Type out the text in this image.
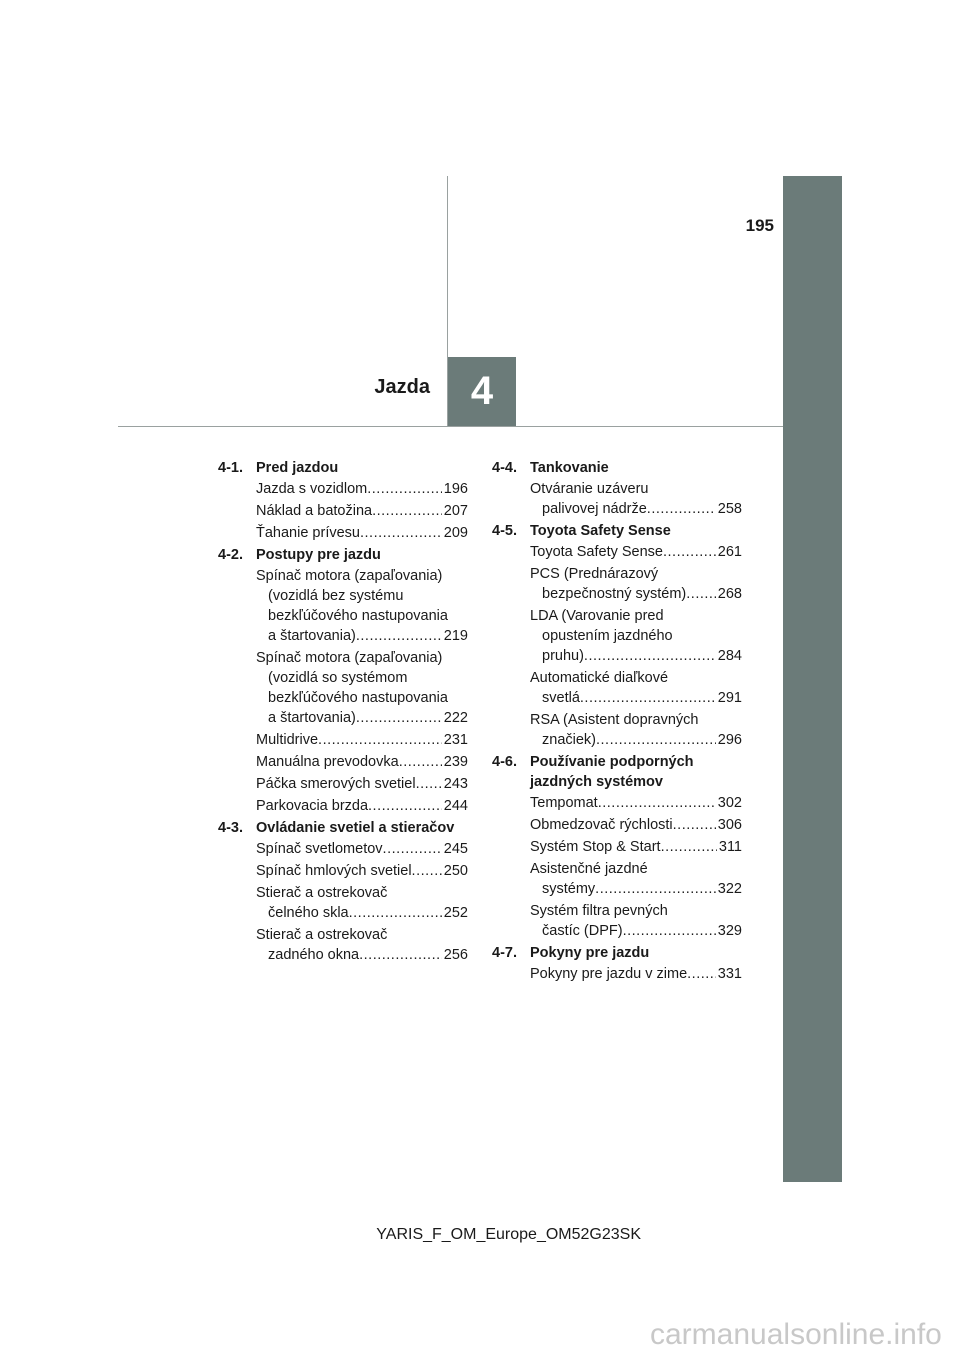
4
Jazda
195
4-1. Pred jazdou
Jazda s vozidlom .....	196
Náklad a batožina .....	207
Ťahanie prívesu .....	209
4-2. Postupy pre jazdu
Spínač motora (zapaľovania)
(vozidlá bez systému
bezkľúčového nastupovania
a štartovania) .....	219
Spínač motora (zapaľovania)
(vozidlá so systémom
bezkľúčového nastupovania
a štartovania) .....	222
Multidrive .....	231
Manuálna prevodovka .....	239
Páčka smerových svetiel ..... 243
Parkovacia brzda .....	244
4-3. Ovládanie svetiel a stieračov
Spínač svetlometov .....	245
Spínač hmlových svetiel ..... 250
Stierač a ostrekovač
čelného skla .....	252
Stierač a ostrekovač
zadného okna .....	256
4-4. Tankovanie
Otváranie uzáveru
palivovej nádrže .....	258
4-5. Toyota Safety Sense
Toyota Safety Sense .....	261
PCS (Prednárazový
bezpečnostný systém) ..... 268
LDA (Varovanie pred
opustením jazdného
pruhu) .....	284
Automatické diaľkové
svetlá .....	291
RSA (Asistent dopravných
značiek) .....	296
4-6. Používanie podporných jazdných systémov
Tempomat .....	302
Obmedzovač rýchlosti .....	306
Systém Stop & Start .....	311
Asistenčné jazdné
systémy .....	322
Systém filtra pevných
častíc (DPF) .....	329
4-7. Pokyny pre jazdu
Pokyny pre jazdu v zime ..... 331
YARIS_F_OM_Europe_OM52G23SK
carmanualsonline.info
